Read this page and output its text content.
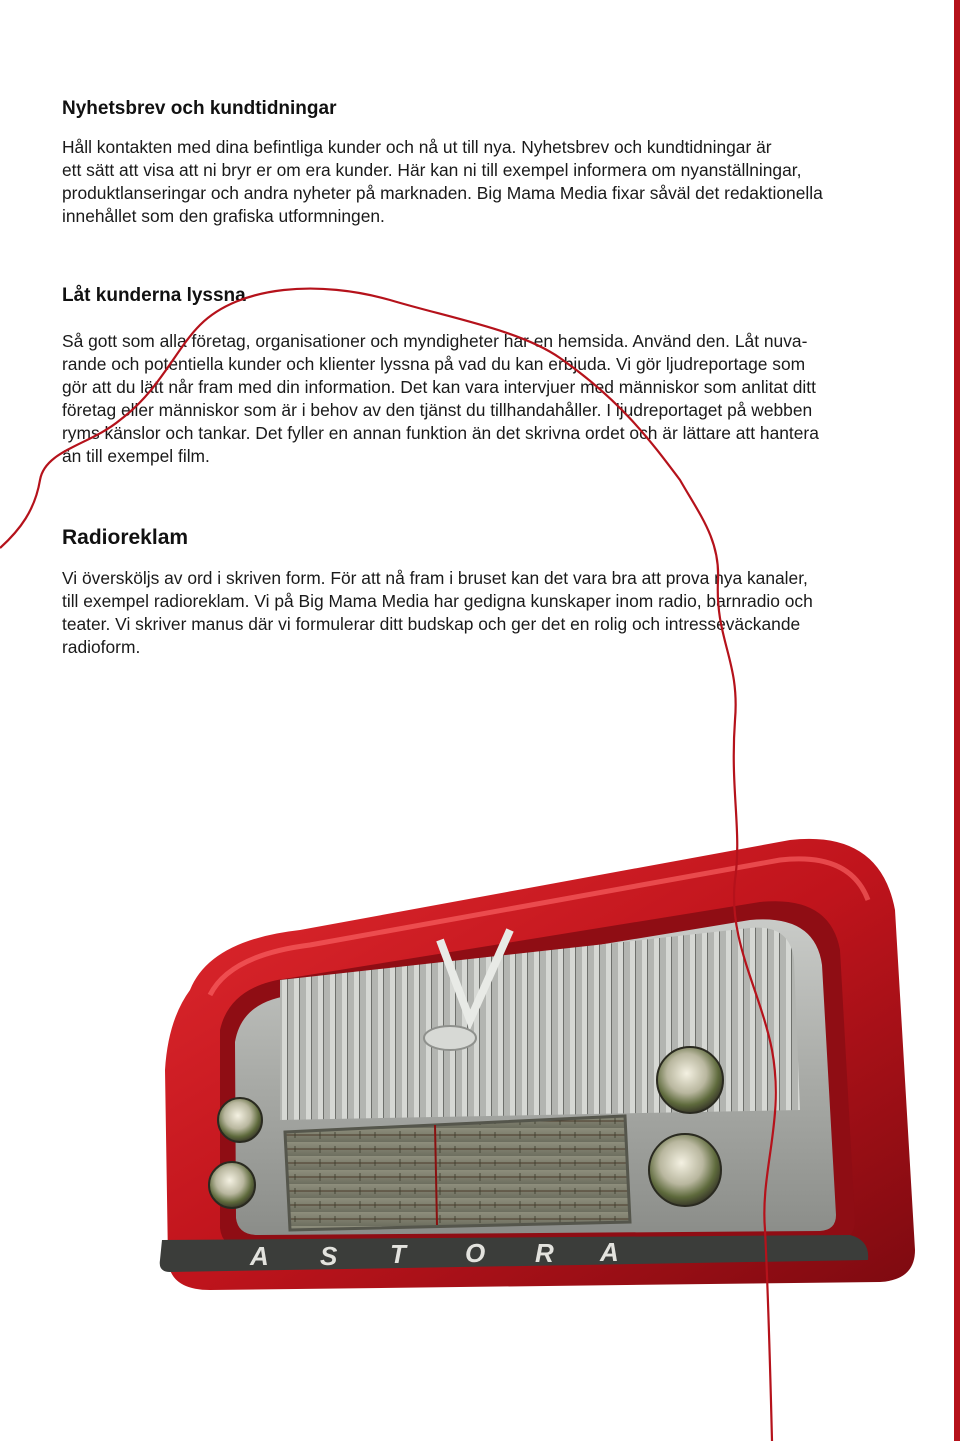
Nyhetsbrev och kundtidningar

Håll kontakten med dina befintliga kunder och nå ut till nya. Nyhetsbrev och kundtidningar är
ett sätt att visa att ni bryr er om era kunder. Här kan ni till exempel informera om nyanställningar,
produktlanseringar och andra nyheter på marknaden. Big Mama Media fixar såväl det redaktionella
innehållet som den grafiska utformningen.

Låt kunderna lyssna

Så gott som alla företag, organisationer och myndigheter har en hemsida. Använd den. Låt nuva-
rande och potentiella kunder och klienter lyssna på vad du kan erbjuda. Vi gör ljudreportage som
gör att du lätt når fram med din information. Det kan vara intervjuer med människor som anlitat ditt
företag eller människor som är i behov av den tjänst du tillhandahåller. I ljudreportaget på webben
ryms känslor och tankar. Det fyller en annan funktion än det skrivna ordet och är lättare att hantera
än till exempel film.

Radioreklam

Vi översköljs av ord i skriven form. För att nå fram i bruset kan det vara bra att prova nya kanaler,
till exempel radioreklam. Vi på Big Mama Media har gedigna kunskaper inom radio, barnradio och
teater. Vi skriver manus där vi formulerar ditt budskap och ger det en rolig och intresseväckande
radioform.

A S T O R A
